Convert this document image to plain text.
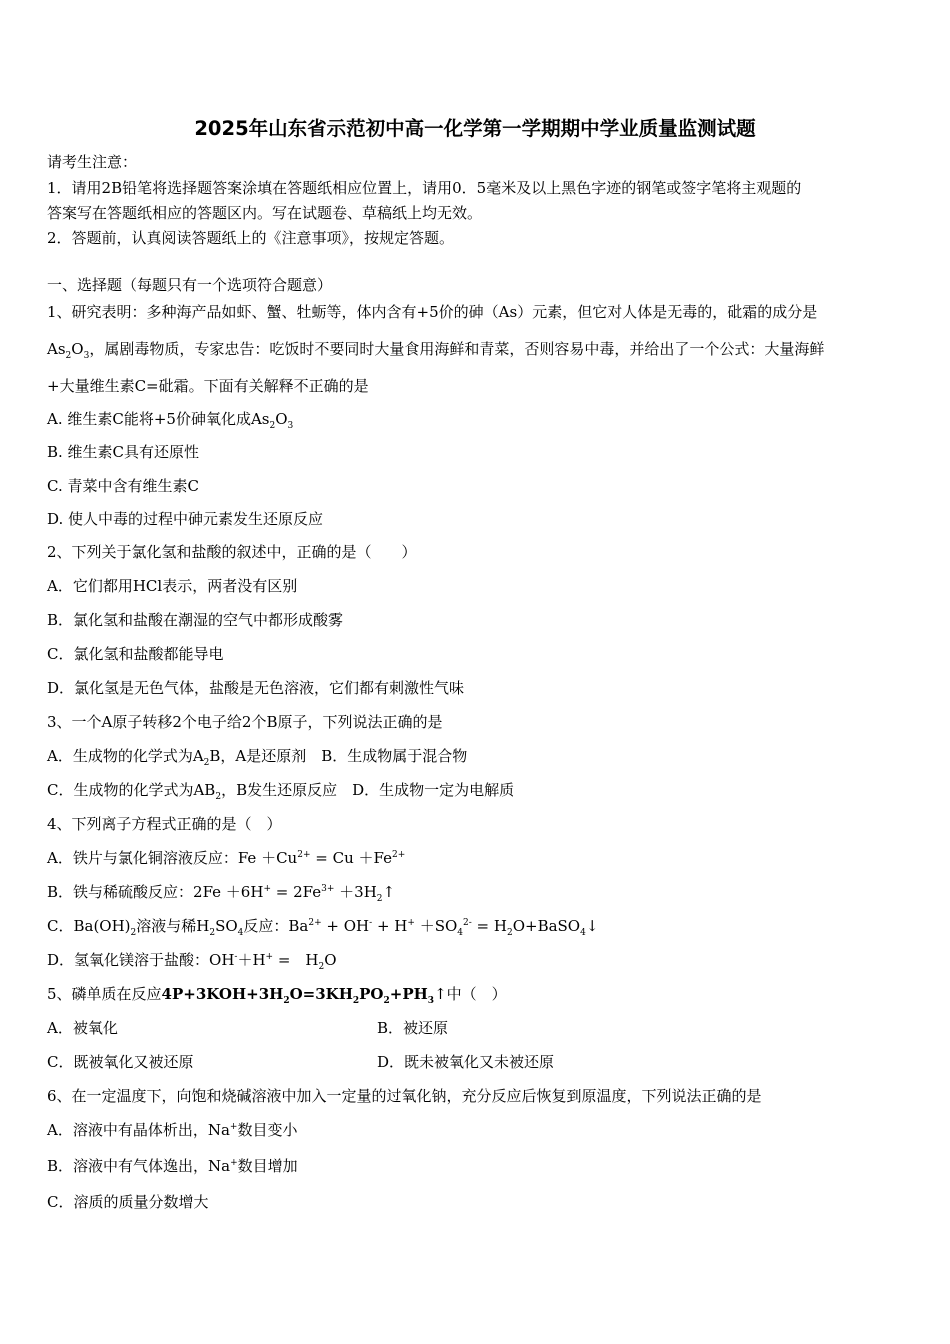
2025年山东省示范初中高一化学第一学期期中学业质量监测试题
请考生注意：
1．请用2B铅笔将选择题答案涂填在答题纸相应位置上，请用0．5毫米及以上黑色字迹的钢笔或签字笔将主观题的
答案写在答题纸相应的答题区内。写在试题卷、草稿纸上均无效。
2．答题前，认真阅读答题纸上的《注意事项》，按规定答题。
一、选择题（每题只有一个选项符合题意）
1、研究表明：多种海产品如虾、蟹、牡蛎等，体内含有+5价的砷（As）元素，但它对人体是无毒的，砒霜的成分是
$As_2O_3$，属剧毒物质，专家忠告：吃饭时不要同时大量食用海鲜和青菜，否则容易中毒，并给出了一个公式：大量海鲜
+大量维生素C=砒霜。下面有关解释不正确的是
A. 维生素C能将+5价砷氧化成$As_2O_3$
B. 维生素C具有还原性
C. 青菜中含有维生素C
D. 使人中毒的过程中砷元素发生还原反应
2、下列关于氯化氢和盐酸的叙述中，正确的是（　　）
A．它们都用HCl表示，两者没有区别
B．氯化氢和盐酸在潮湿的空气中都形成酸雾
C．氯化氢和盐酸都能导电
D．氯化氢是无色气体，盐酸是无色溶液，它们都有刺激性气味
3、一个A原子转移2个电子给2个B原子，下列说法正确的是
A．生成物的化学式为$A_2B$，A是还原剂　B．生成物属于混合物
C．生成物的化学式为$AB_2$，B发生还原反应　D．生成物一定为电解质
4、下列离子方程式正确的是（　）
A．铁片与氯化铜溶液反应：$Fe +Cu^{2+} = Cu +Fe^{2+}$
B．铁与稀硫酸反应：$2Fe +6H^+ = 2Fe^{3+}$ $+3H_2↑$
C．$Ba(OH)_2$溶液与稀$H_2SO_4$反应：$Ba^{2+} + OH^- + H^+ +SO_4^{2-}$ = $H_2O+BaSO_4↓$
D．氢氧化镁溶于盐酸：OH-＋H+ =　$H_2O$
5、磷单质在反应$4P+3KOH+3H_2O=3KH_2PO_2+PH_3↑$中（　）
A．被氧化	B．被还原
C．既被氧化又被还原	D．既未被氧化又未被还原
6、在一定温度下，向饱和烧碱溶液中加入一定量的过氧化钠，充分反应后恢复到原温度，下列说法正确的是
A．溶液中有晶体析出，Na+数目变小
B．溶液中有气体逸出，Na+数目增加
C．溶质的质量分数增大
